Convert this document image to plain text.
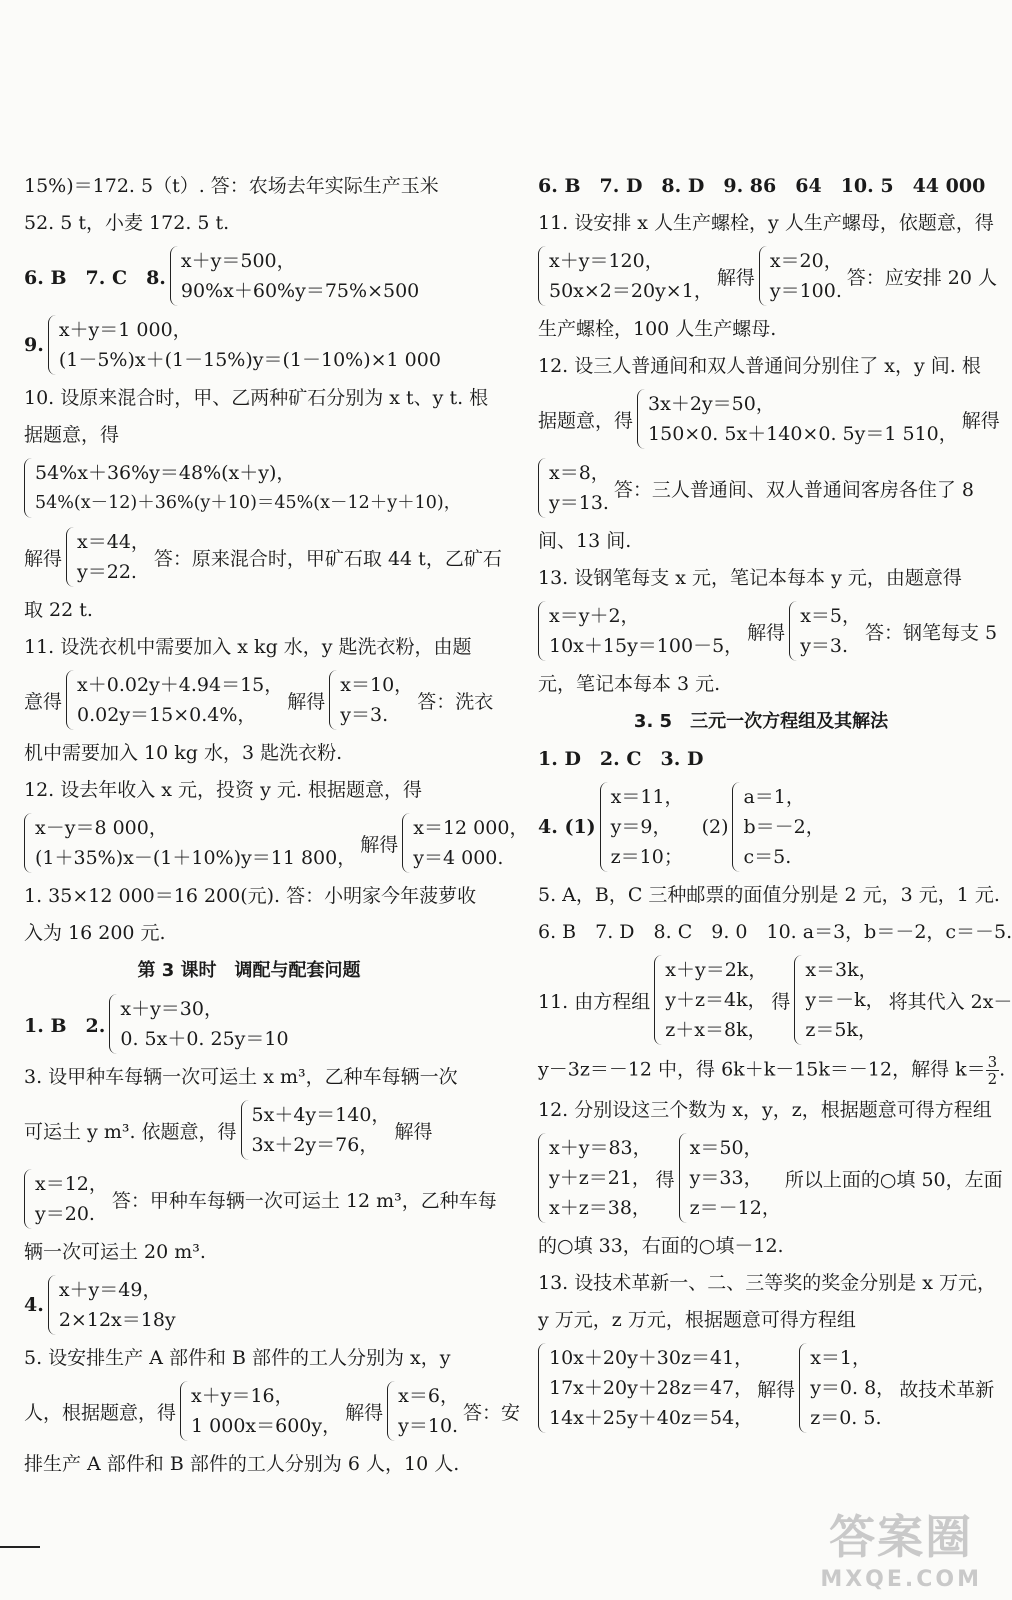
15%)＝172. 5（t）. 答：农场去年实际生产玉米

52. 5 t，小麦 172. 5 t.

6. B　7. C　8.
x＋y＝500，
90%x＋60%y＝75%×500
9.
x＋y＝1 000，
(1－5%)x＋(1－15%)y＝(1－10%)×1 000

10. 设原来混合时，甲、乙两种矿石分别为 x t、y t. 根

据题意，得

54%x＋36%y＝48%(x＋y)，
54%(x－12)＋36%(y＋10)＝45%(x－12＋y＋10)，
解得
x＝44，
y＝22.
答：原来混合时，甲矿石取 44 t，乙矿石

取 22 t.

11. 设洗衣机中需要加入 x kg 水，y 匙洗衣粉，由题

意得
x＋0.02y＋4.94＝15，
0.02y＝15×0.4%，
解得
x＝10，
y＝3.
答：洗衣

机中需要加入 10 kg 水，3 匙洗衣粉.

12. 设去年收入 x 元，投资 y 元. 根据题意，得

x－y＝8 000，
(1＋35%)x－(1＋10%)y＝11 800，
解得
x＝12 000，
y＝4 000.

1. 35×12 000＝16 200(元). 答：小明家今年菠萝收

入为 16 200 元.

第 3 课时　调配与配套问题
1. B　2.
x＋y＝30，
0. 5x＋0. 25y＝10

3. 设甲种车每辆一次可运土 x m³，乙种车每辆一次

可运土 y m³. 依题意，得
5x＋4y＝140，
3x＋2y＝76，
解得
x＝12，
y＝20.
答：甲种车每辆一次可运土 12 m³，乙种车每

辆一次可运土 20 m³.

4.
x＋y＝49，
2×12x＝18y

5. 设安排生产 A 部件和 B 部件的工人分别为 x，y

人，根据题意，得
x＋y＝16，
1 000x＝600y，
解得
x＝6，
y＝10.
答：安

排生产 A 部件和 B 部件的工人分别为 6 人，10 人.

6. B　7. D　8. D　9. 86　64　10. 5　44 000

11. 设安排 x 人生产螺栓，y 人生产螺母，依题意，得

x＋y＝120，
50x×2＝20y×1，
解得
x＝20，
y＝100.
答：应安排 20 人

生产螺栓，100 人生产螺母.

12. 设三人普通间和双人普通间分别住了 x，y 间. 根

据题意，得
3x＋2y＝50，
150×0. 5x＋140×0. 5y＝1 510，
解得
x＝8，
y＝13.
答：三人普通间、双人普通间客房各住了 8

间、13 间.

13. 设钢笔每支 x 元，笔记本每本 y 元，由题意得

x＝y＋2，
10x＋15y＝100－5，
解得
x＝5，
y＝3.
答：钢笔每支 5

元，笔记本每本 3 元.

3. 5　三元一次方程组及其解法

1. D　2. C　3. D

4. (1)
x＝11，
y＝9，
z＝10；
(2)
a＝1，
b＝－2，
c＝5.

5. A，B，C 三种邮票的面值分别是 2 元，3 元，1 元.

6. B　7. D　8. C　9. 0　10. a＝3，b＝－2，c＝－5.

11. 由方程组
x＋y＝2k，
y＋z＝4k，
z＋x＝8k，
得
x＝3k，
y＝－k，
z＝5k，
将其代入 2x－

y－3z＝－12 中，得 6k＋k－15k＝－12，解得 $k= \frac{3}{2}$ .

12. 分别设这三个数为 x，y，z，根据题意可得方程组

x＋y＝83，
y＋z＝21，
x＋z＝38，
得
x＝50，
y＝33，
z＝－12，
所以上面的○填 50，左面

的○填 33，右面的○填－12.

13. 设技术革新一、二、三等奖的奖金分别是 x 万元，

y 万元，z 万元，根据题意可得方程组

10x＋20y＋30z＝41，
17x＋20y＋28z＝47，
14x＋25y＋40z＝54，
解得
x＝1，
y＝0. 8，
z＝0. 5.
故技术革新
答案圈
MXQE.COM
